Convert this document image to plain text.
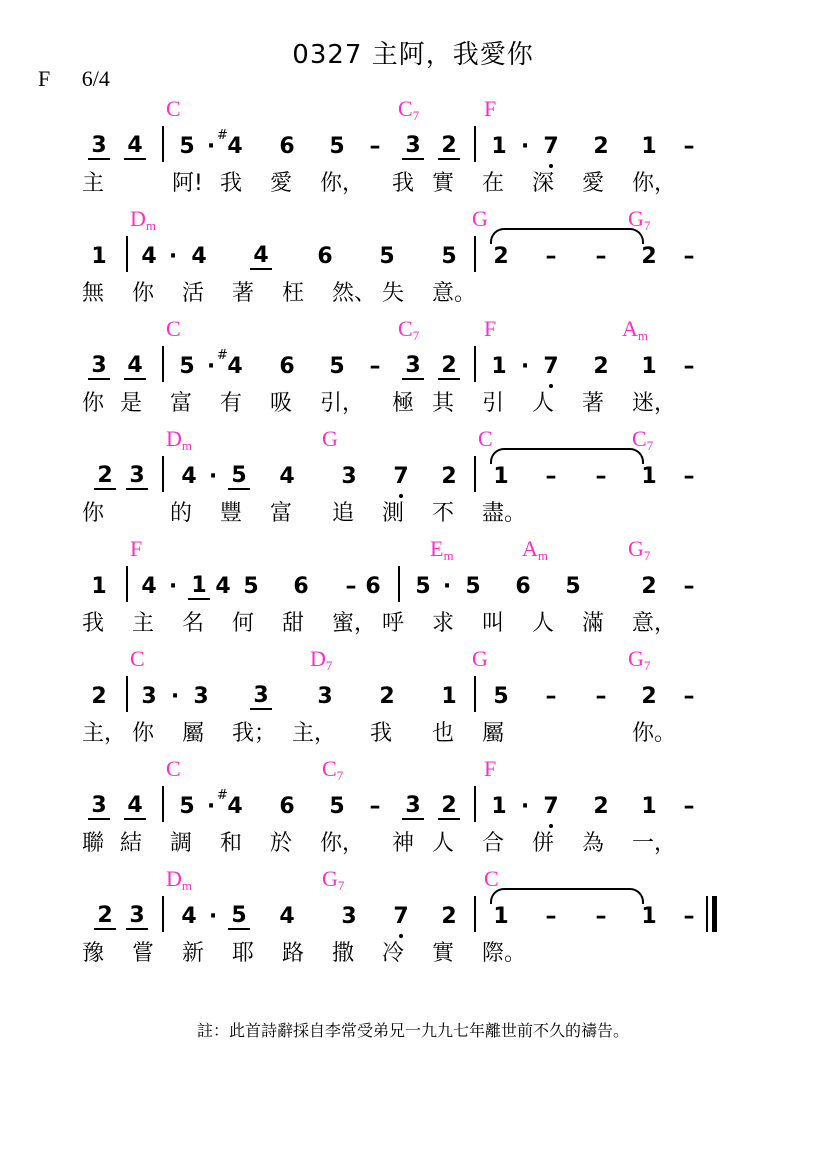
0327 主阿，我愛你
F 6/4
C	$C_7$	F
3 4 5 · 4
# 6 5 – 3 2 1 · 7 2 1 –
主	阿! 我	愛	你， 我 實	在	深	愛	你，
$D_m$	G	$G_7$
1 4 · 4 4 6 5 5 2 – – 2 –
無	你	活	著	枉	然、 失	意。
C	$C_7$	F	$A_m$
3 4 5 · 4
# 6 5 – 3 2 1 · 7 2 1 –
你 是	富	有	吸	引， 極 其	引	人	著	迷，
$D_m$	G	C	$C_7$
2 3 4 · 5 4 3 7 2 1 – – 1 –
你	的	豐	富	追	測	不	盡。
F	$E_m$	$A_m$	$G_7$
1 4 · 1 4 5 6 – 6 5 · 5 6 5	2 –
我	主	名	何	甜	蜜， 呼	求	叫	人	滿	意，
C	$D_7$	G	$G_7$
2 3 · 3 3 3 2 1 5 – – 2 –
主， 你	屬	我； 主， 我	也	屬	你。
C	$C_7$	F
3 4 5 · 4
# 6 5 – 3 2 1 · 7 2 1 –
聯 結	調	和	於	你， 神 人	合	併	為	一，
$D_m$	$G_7$	C
2 3 4 · 5 4 3 7 2 1 – – 1 –
豫	嘗	新	耶	路	撒	冷	實	際。
註：此首詩辭採自李常受弟兄一九九七年離世前不久的禱告。
